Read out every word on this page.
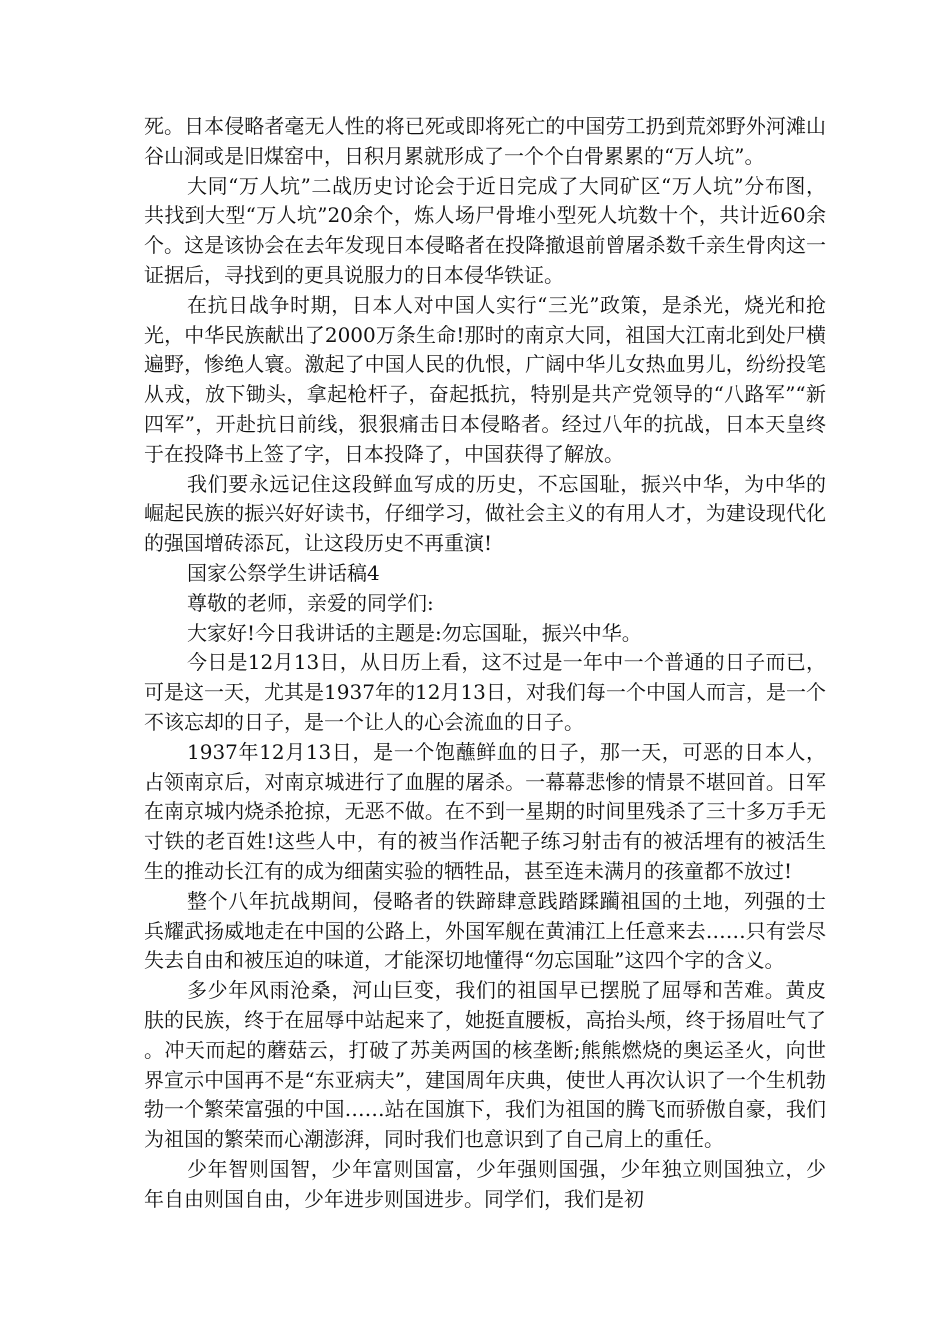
死。日本侵略者毫无人性的将已死或即将死亡的中国劳工扔到荒郊野外河滩山谷山洞或是旧煤窑中，日积月累就形成了一个个白骨累累的“万人坑”。

大同“万人坑”二战历史讨论会于近日完成了大同矿区“万人坑”分布图，共找到大型“万人坑”20余个，炼人场尸骨堆小型死人坑数十个，共计近60余个。这是该协会在去年发现日本侵略者在投降撤退前曾屠杀数千亲生骨肉这一证据后，寻找到的更具说服力的日本侵华铁证。

在抗日战争时期，日本人对中国人实行“三光”政策，是杀光，烧光和抢光，中华民族献出了2000万条生命!那时的南京大同，祖国大江南北到处尸横遍野，惨绝人寰。激起了中国人民的仇恨，广阔中华儿女热血男儿，纷纷投笔从戎，放下锄头，拿起枪杆子，奋起抵抗，特别是共产党领导的“八路军”“新四军”，开赴抗日前线，狠狠痛击日本侵略者。经过八年的抗战，日本天皇终于在投降书上签了字，日本投降了，中国获得了解放。

我们要永远记住这段鲜血写成的历史，不忘国耻，振兴中华，为中华的崛起民族的振兴好好读书，仔细学习，做社会主义的有用人才，为建设现代化的强国增砖添瓦，让这段历史不再重演!

国家公祭学生讲话稿4

尊敬的老师，亲爱的同学们:

大家好!今日我讲话的主题是:勿忘国耻，振兴中华。

今日是12月13日，从日历上看，这不过是一年中一个普通的日子而已，可是这一天，尤其是1937年的12月13日，对我们每一个中国人而言，是一个不该忘却的日子，是一个让人的心会流血的日子。

1937年12月13日，是一个饱蘸鲜血的日子，那一天，可恶的日本人，占领南京后，对南京城进行了血腥的屠杀。一幕幕悲惨的情景不堪回首。日军在南京城内烧杀抢掠，无恶不做。在不到一星期的时间里残杀了三十多万手无寸铁的老百姓!这些人中，有的被当作活靶子练习射击有的被活埋有的被活生生的推动长江有的成为细菌实验的牺牲品，甚至连未满月的孩童都不放过!

整个八年抗战期间，侵略者的铁蹄肆意践踏蹂躏祖国的土地，列强的士兵耀武扬威地走在中国的公路上，外国军舰在黄浦江上任意来去……只有尝尽失去自由和被压迫的味道，才能深切地懂得“勿忘国耻”这四个字的含义。

多少年风雨沧桑，河山巨变，我们的祖国早已摆脱了屈辱和苦难。黄皮肤的民族，终于在屈辱中站起来了，她挺直腰板，高抬头颅，终于扬眉吐气了。冲天而起的蘑菇云，打破了苏美两国的核垄断;熊熊燃烧的奥运圣火，向世界宣示中国再不是“东亚病夫”，建国周年庆典，使世人再次认识了一个生机勃勃一个繁荣富强的中国……站在国旗下，我们为祖国的腾飞而骄傲自豪，我们为祖国的繁荣而心潮澎湃，同时我们也意识到了自己肩上的重任。

少年智则国智，少年富则国富，少年强则国强，少年独立则国独立，少年自由则国自由，少年进步则国进步。同学们，我们是初
